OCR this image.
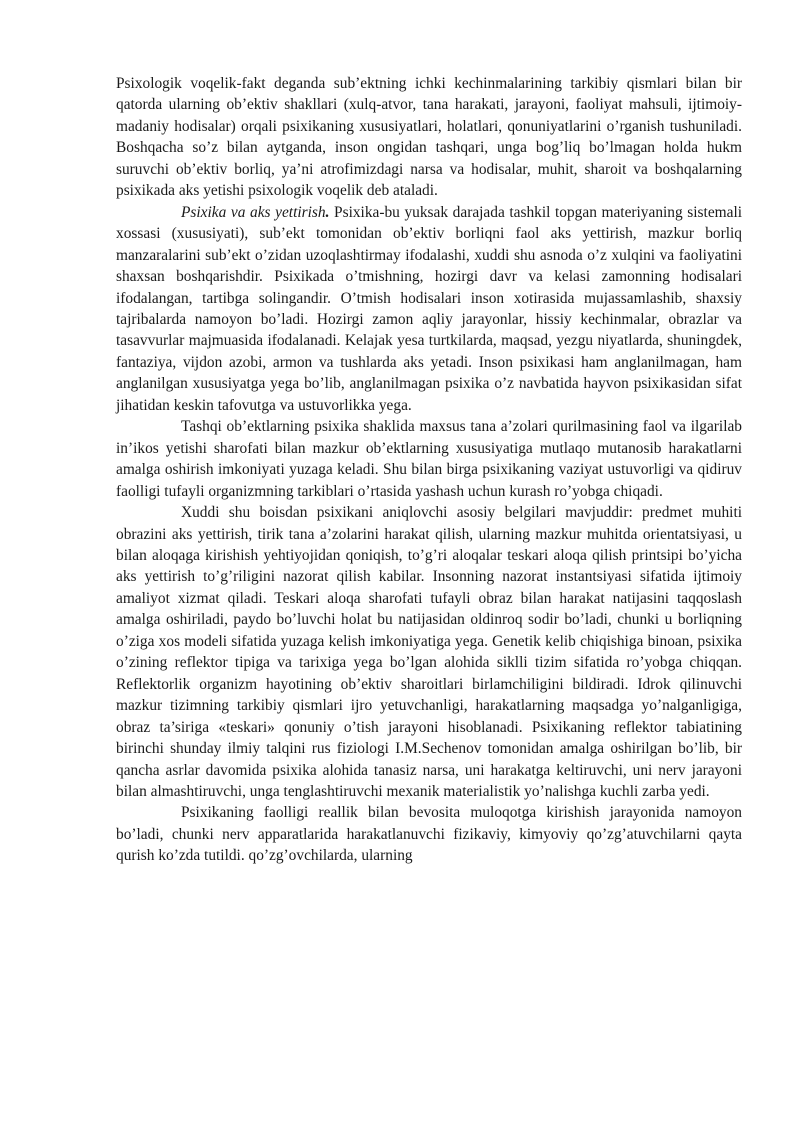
Psixologik voqelik-fakt deganda sub’ektning ichki kechinmalarining tarkibiy qismlari bilan bir qatorda ularning ob’ektiv shakllari (xulq-atvor, tana harakati, jarayoni, faoliyat mahsuli, ijtimoiy-madaniy hodisalar) orqali psixikaning xususiyatlari, holatlari, qonuniyatlarini o’rganish tushuniladi. Boshqacha so’z bilan aytganda, inson ongidan tashqari, unga bog’liq bo’lmagan holda hukm suruvchi ob’ektiv borliq, ya’ni atrofimizdagi narsa va hodisalar, muhit, sharoit va boshqalarning psixikada aks yetishi psixologik voqelik deb ataladi.

Psixika va aks yettirish. Psixika-bu yuksak darajada tashkil topgan materiyaning sistemali xossasi (xususiyati), sub’ekt tomonidan ob’ektiv borliqni faol aks yettirish, mazkur borliq manzaralarini sub’ekt o’zidan uzoqlashtirmay ifodalashi, xuddi shu asnoda o’z xulqini va faoliyatini shaxsan boshqarishdir. Psixikada o’tmishning, hozirgi davr va kelasi zamonning hodisalari ifodalangan, tartibga solingandir. O’tmish hodisalari inson xotirasida mujassamlashib, shaxsiy tajribalarda namoyon bo’ladi. Hozirgi zamon aqliy jarayonlar, hissiy kechinmalar, obrazlar va tasavvurlar majmuasida ifodalanadi. Kelajak yesa turtkilarda, maqsad, yezgu niyatlarda, shuningdek, fantaziya, vijdon azobi, armon va tushlarda aks yetadi. Inson psixikasi ham anglanilmagan, ham anglanilgan xususiyatga yega bo’lib, anglanilmagan psixika o’z navbatida hayvon psixikasidan sifat jihatidan keskin tafovutga va ustuvorlikka yega.

Tashqi ob’ektlarning psixika shaklida maxsus tana a’zolari qurilmasining faol va ilgarilab in’ikos yetishi sharofati bilan mazkur ob’ektlarning xususiyatiga mutlaqo mutanosib harakatlarni amalga oshirish imkoniyati yuzaga keladi. Shu bilan birga psixikaning vaziyat ustuvorligi va qidiruv faolligi tufayli organizmning tarkiblari o’rtasida yashash uchun kurash ro’yobga chiqadi.

Xuddi shu boisdan psixikani aniqlovchi asosiy belgilari mavjuddir: predmet muhiti obrazini aks yettirish, tirik tana a’zolarini harakat qilish, ularning mazkur muhitda orientatsiyasi, u bilan aloqaga kirishish yehtiyojidan qoniqish, to’g’ri aloqalar teskari aloqa qilish printsipi bo’yicha aks yettirish to’g’riligini nazorat qilish kabilar. Insonning nazorat instantsiyasi sifatida ijtimoiy amaliyot xizmat qiladi. Teskari aloqa sharofati tufayli obraz bilan harakat natijasini taqqoslash amalga oshiriladi, paydo bo’luvchi holat bu natijasidan oldinroq sodir bo’ladi, chunki u borliqning o’ziga xos modeli sifatida yuzaga kelish imkoniyatiga yega. Genetik kelib chiqishiga binoan, psixika o’zining reflektor tipiga va tarixiga yega bo’lgan alohida siklli tizim sifatida ro’yobga chiqqan. Reflektorlik organizm hayotining ob’ektiv sharoitlari birlamchiligini bildiradi. Idrok qilinuvchi mazkur tizimning tarkibiy qismlari ijro yetuvchanligi, harakatlarning maqsadga yo’nalganligiga, obraz ta’siriga «teskari» qonuniy o’tish jarayoni hisoblanadi. Psixikaning reflektor tabiatining birinchi shunday ilmiy talqini rus fiziologi I.M.Sechenov tomonidan amalga oshirilgan bo’lib, bir qancha asrlar davomida psixika alohida tanasiz narsa, uni harakatga keltiruvchi, uni nerv jarayoni bilan almashtiruvchi, unga tenglashtiruvchi mexanik materialistik yo’nalishga kuchli zarba yedi.

Psixikaning faolligi reallik bilan bevosita muloqotga kirishish jarayonida namoyon bo’ladi, chunki nerv apparatlarida harakatlanuvchi fizikaviy, kimyoviy qo’zg’atuvchilarni qayta qurish ko’zda tutildi. qo’zg’ovchilarda, ularning
